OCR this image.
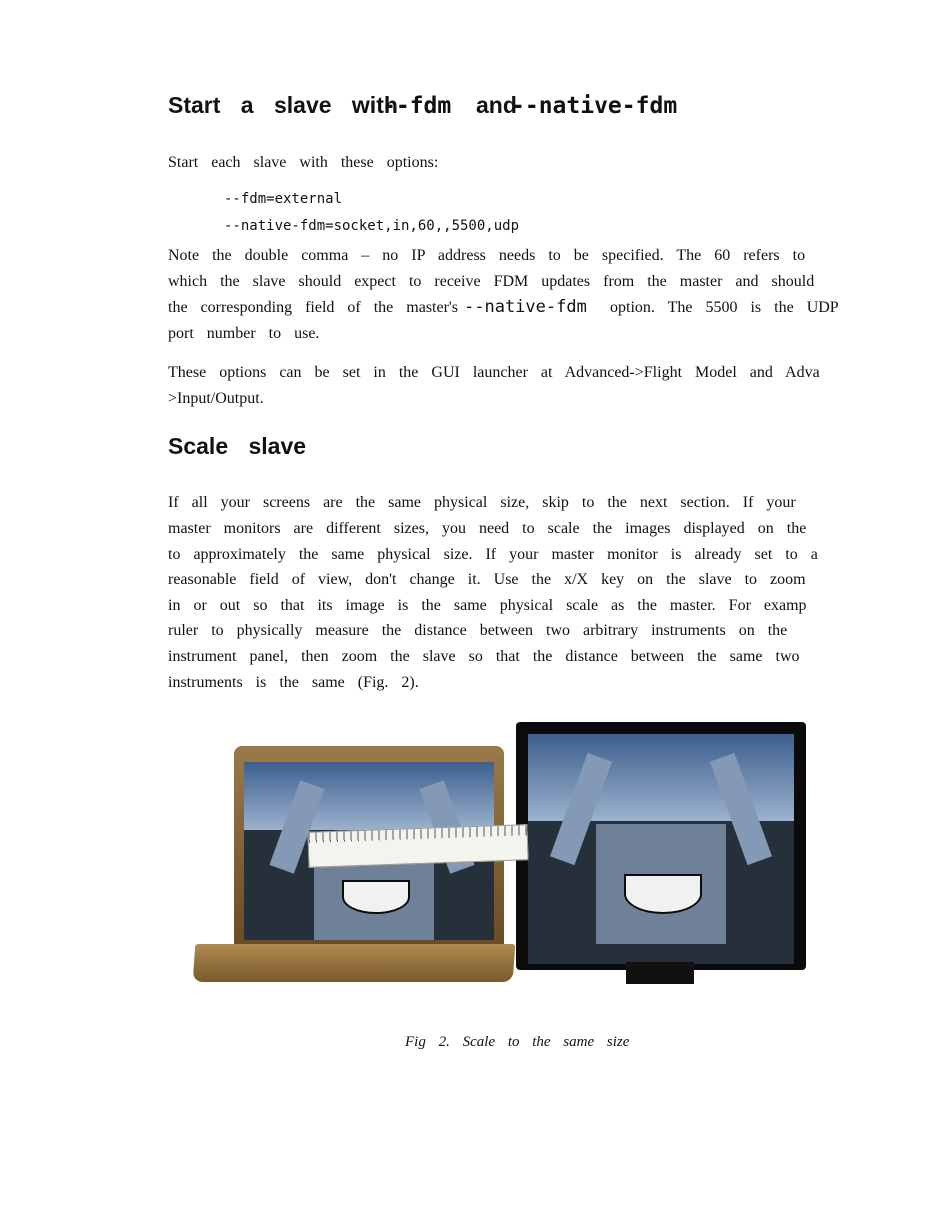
Start a slave with
--fdm and
--native-fdm
Start each slave with these options:
--fdm=external
--native-fdm=socket,in,60,,5500,udp
Note the double comma – no IP address needs to be specified. The 60 refers to
which the slave should expect to receive FDM updates from the master and should
the corresponding field of the master's --native-fdm option. The 5500 is the UDP
port number to use.
These options can be set in the GUI launcher at Advanced->Flight Model and Adva
>Input/Output.
Scale slave
If all your screens are the same physical size, skip to the next section. If your
master monitors are different sizes, you need to scale the images displayed on the
to approximately the same physical size. If your master monitor is already set to a
reasonable field of view, don't change it. Use the x/X key on the slave to zoom
in or out so that its image is the same physical scale as the master. For examp
ruler to physically measure the distance between two arbitrary instruments on the
instrument panel, then zoom the slave so that the distance between the same two
instruments is the same (Fig. 2).
Fig 2. Scale to the same size
